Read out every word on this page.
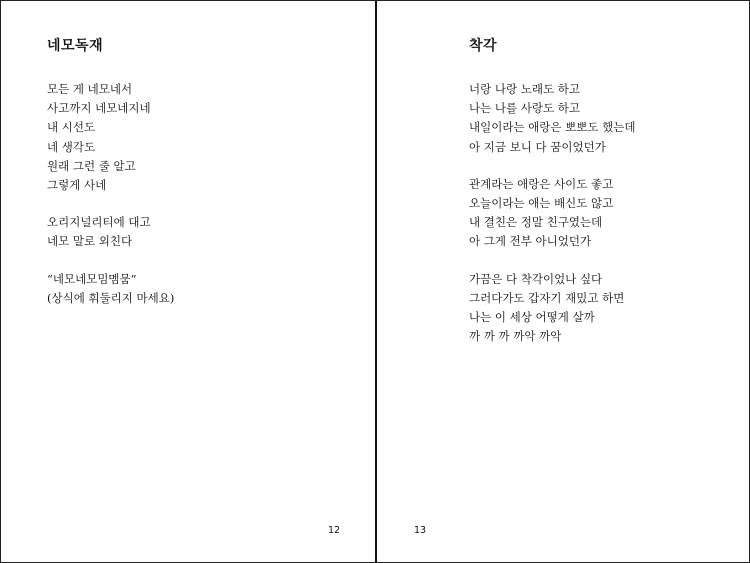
네모독재
모든 게 네모네서
사고까지 네모네지네
내 시선도
네 생각도
원래 그런 줄 알고
그렇게 사네
오리지널리티에 대고
네모 말로 외친다
“네모네모밈멤뭄”
(상식에 휘둘리지 마세요)
12
착각
너랑 나랑 노래도 하고
나는 나를 사랑도 하고
내일이라는 애랑은 뽀뽀도 했는데
아 지금 보니 다 꿈이었던가
관계라는 애랑은 사이도 좋고
오늘이라는 애는 배신도 않고
내 결친은 정말 친구였는데
아 그게 전부 아니었던가
가끔은 다 착각이었나 싶다
그러다가도 갑자기 재밌고 하면
나는 이 세상 어떻게 살까
까 까 까 까악 까악
13
